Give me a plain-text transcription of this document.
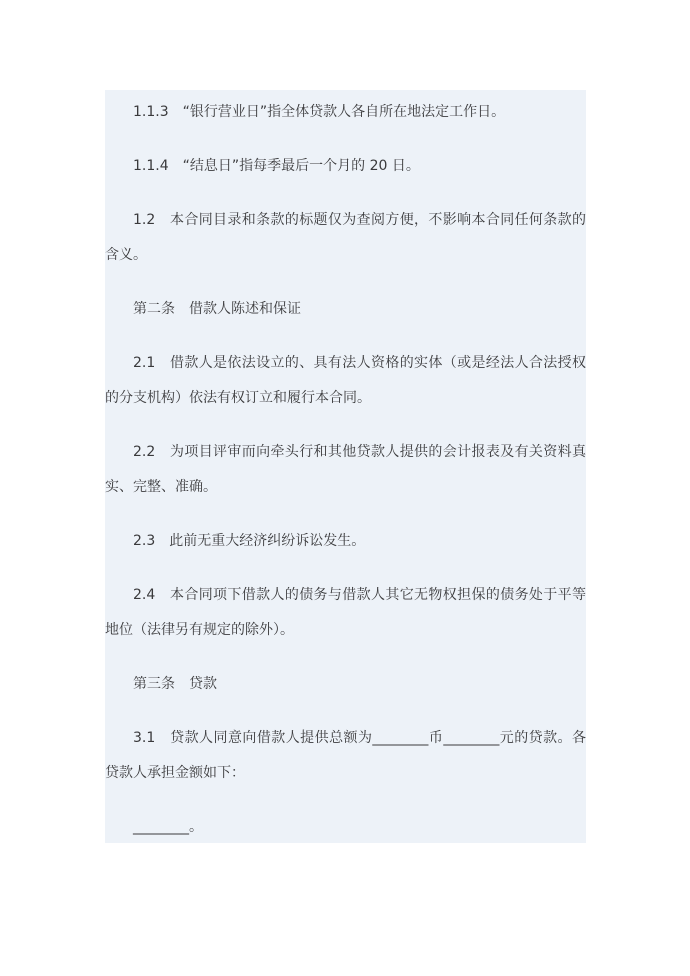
1.1.3　“银行营业日”指全体贷款人各自所在地法定工作日。

1.1.4　“结息日”指每季最后一个月的 20 日。

1.2　本合同目录和条款的标题仅为查阅方便，不影响本合同任何条款的含义。

第二条　借款人陈述和保证

2.1　借款人是依法设立的、具有法人资格的实体（或是经法人合法授权的分支机构）依法有权订立和履行本合同。

2.2　为项目评审而向牵头行和其他贷款人提供的会计报表及有关资料真实、完整、准确。

2.3　此前无重大经济纠纷诉讼发生。

2.4　本合同项下借款人的债务与借款人其它无物权担保的债务处于平等地位（法律另有规定的除外）。

第三条　贷款

3.1　贷款人同意向借款人提供总额为________币________元的贷款。各贷款人承担金额如下：

________。
